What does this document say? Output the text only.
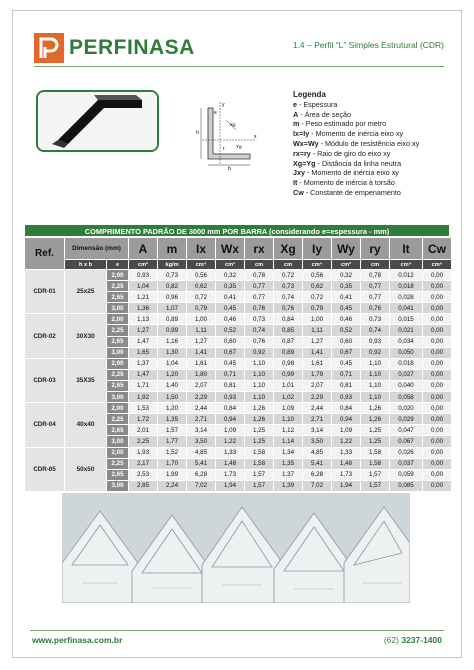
PERFINASA	1.4 – Perfil “L” Simples Estrutural (CDR)
y
x
h
e
r
b
Xg
Yg
Legenda
e - Espessura
A - Área de seção
m - Peso estimado por metro
Ix=Iy - Momento de inércia eixo xy
Wx=Wy - Módulo de resistência eixo xy
rx=ry - Raio de giro do eixo xy
Xg=Yg - Distância da linha neutra
Jxy - Momento de inércia eixo xy
It - Momento de inércia à torsão
Cw - Constante de empenamento
COMPRIMENTO PADRÃO DE 3000 mm POR BARRA (considerando e=espessura - mm)
Ref.	Dimensão (mm)		A	m	Ix	Wx	rx	Xg	Iy	Wy	ry	It	Cw
	h x b	e	cm²	kg/m	cm⁴	cm³	cm	cm	cm⁴	cm³	cm	cm⁴	cm⁶
CDR-01	25x25	2,00	0,93	0,73	0,56	0,32	0,78	0,72	0,56	0,32	0,78	0,012	0,00
		2,25	1,04	0,82	0,62	0,35	0,77	0,73	0,62	0,35	0,77	0,018	0,00
		2,65	1,21	0,96	0,72	0,41	0,77	0,74	0,72	0,41	0,77	0,028	0,00
		3,00	1,36	1,07	0,79	0,45	0,76	0,76	0,79	0,45	0,76	0,041	0,00
CDR-02	30X30	2,00	1,13	0,89	1,00	0,46	0,73	0,84	1,00	0,46	0,73	0,015	0,00
		2,25	1,27	0,99	1,11	0,52	0,74	0,85	1,11	0,52	0,74	0,021	0,00
		2,65	1,47	1,16	1,27	0,60	0,76	0,87	1,27	0,60	0,93	0,034	0,00
		3,00	1,65	1,30	1,41	0,67	0,92	0,89	1,41	0,67	0,92	0,050	0,00
CDR-03	35X35	2,00	1,37	1,04	1,61	0,45	1,10	0,98	1,61	0,45	1,10	0,018	0,00
		2,25	1,47	1,20	1,80	0,71	1,10	0,99	1,79	0,71	1,10	0,027	0,00
		2,65	1,71	1,40	2,07	0,81	1,10	1,01	2,07	0,81	1,10	0,040	0,00
		3,00	1,92	1,50	2,29	0,93	1,10	1,02	2,29	0,93	1,10	0,058	0,00
CDR-04	40x40	2,00	1,53	1,20	2,44	0,84	1,26	1,09	2,44	0,84	1,26	0,020	0,00
		2,25	1,72	1,35	2,71	0,94	1,26	1,10	2,71	0,94	1,26	0,029	0,00
		2,65	2,01	1,57	3,14	1,09	1,25	1,12	3,14	1,09	1,25	0,047	0,00
		3,00	2,25	1,77	3,50	1,22	1,25	1,14	3,50	1,22	1,25	0,067	0,00
CDR-05	50x50	2,00	1,93	1,52	4,85	1,33	1,58	1,34	4,85	1,33	1,58	0,026	0,00
		2,25	2,17	1,70	5,41	1,48	1,58	1,35	5,41	1,48	1,58	0,037	0,00
		2,65	2,53	1,99	6,28	1,73	1,57	1,37	6,28	1,73	1,57	0,059	0,00
		3,00	2,85	2,24	7,02	1,94	1,57	1,39	7,02	1,94	1,57	0,085	0,00
www.perfinasa.com.br	(62) 3237-1400
